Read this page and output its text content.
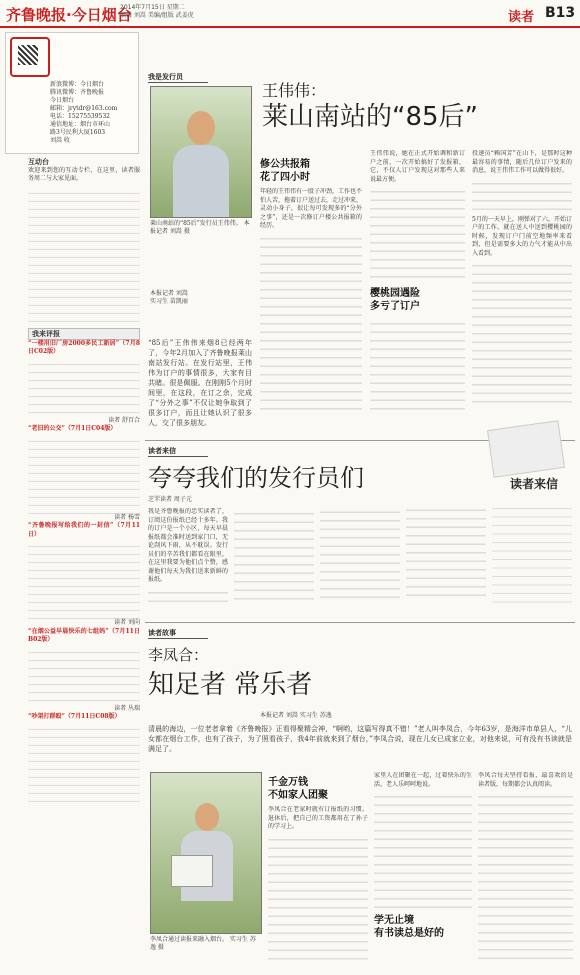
齐鲁晚报·今日烟台
2014年7月15日 星期二
编辑 刘嵩 美编/组版 武姜虎	读者 B13
新浪微博：今日烟台
腾讯微博：齐鲁晚报
今日烟台
邮箱：jrytdr@163.com
电话：15275539532
通信地址：烟台市环山
路3号民利大厦1603
刘嵩 收
互动台
欢迎来到您的互动专栏，在这里，读者服务周二与大家见面。
我来评报
“一楼用旧厂房2000多民工新居”（7月8日C02版）
读者 舒百合
“老旧的公交”（7月1日C04版）
读者 杨雪
“齐鲁晚报写给我们的一封信”（7月11日）
读者 刘向
“在烟公益早晨快乐的七组妈”（7月11日B02版）
读者 丛瑞
“吵架打群殴”（7月11日C08版）
我是发行员
王伟伟：
莱山南站的“85后”
莱山南站的“85后”发行员王伟伟。 本报记者 刘嵩 摄
本报记者 刘嵩
实习生 苗凯丽
“85后”王伟伟来烟8已经两年了，今年2月加入了齐鲁晚报莱山南站发行站。在发行站里，王伟伟为订户的事情很多，大家有目共睹。很是佩服。在刚刚5个月时间里，在这段，在订之余，完成了“分外之事”不仅让她争取到了很多订户，而且让她认识了很多人，交了很多朋友。
修公共报箱
花了四小时
年轻的王伟伟有一股子冲劲，工作也不怕人苦，拖着订户送过去，走过冲来，灵动小身子，很让每可发现多的“分外之事”，还是一次修订户楼公共报箱的经历。
王伟伟说，她在正式开始调和新订户之前，一次开始搞好了发报箱，它，不仅人订户发现这对那些人来说最方便。
樱桃园遇险
多亏了订户
投递员“赖国芳”在山下，是那时这种最容易的事情，随后几位订户发来的消息，说王伟伟工作可以做得很好。
5月的一天早上，刚弹对了六，开始订户的工作。就在送人中送到樱桃园的时候，发现订户门前空地频率来看到，但是需要多大的力气才能从中出入看到。
读者来信
夸夸我们的发行员们	读者来信
芝罘读者 周子元
我是齐鲁晚报的忠实读者了，订阅这份报纸已经十多年。我的订户是一个小区，每天早晨报纸都会准时送到家门口，无论刮风下雨，从不耽误。发行员们的辛苦我们都看在眼里，在这里我要为他们点个赞，感谢他们每天为我们送来新鲜的报纸。
读者故事
李凤合：
知足者 常乐者
本报记者 刘嵩 实习生 苏逸
清晨的海边，一位老者拿着《齐鲁晚报》正看得聚精会神，“啊哟，这篇写得真不错！”老人叫李凤合，今年63岁，是海洋市单县人，“儿女都在烟台工作，也有了孩子，为了照看孩子，我4年前就来到了烟台，”李凤合说，现在儿女已成家立业，对他来说，可有没有书读就是满足了。
李凤合通过读报来融入烟台。 实习生 苏逸 摄
千金万钱
不如家人团聚
李凤合在老家时就有订报纸的习惯。退休后，把自己的工资都用在了孙子的学习上。
家里人在团聚在一起，过着快乐的生活，老人乐呵呵地说。
学无止境
有书读总是好的
李凤合每天坚持看报，最喜欢的是读者版，每期都会认真阅读。
